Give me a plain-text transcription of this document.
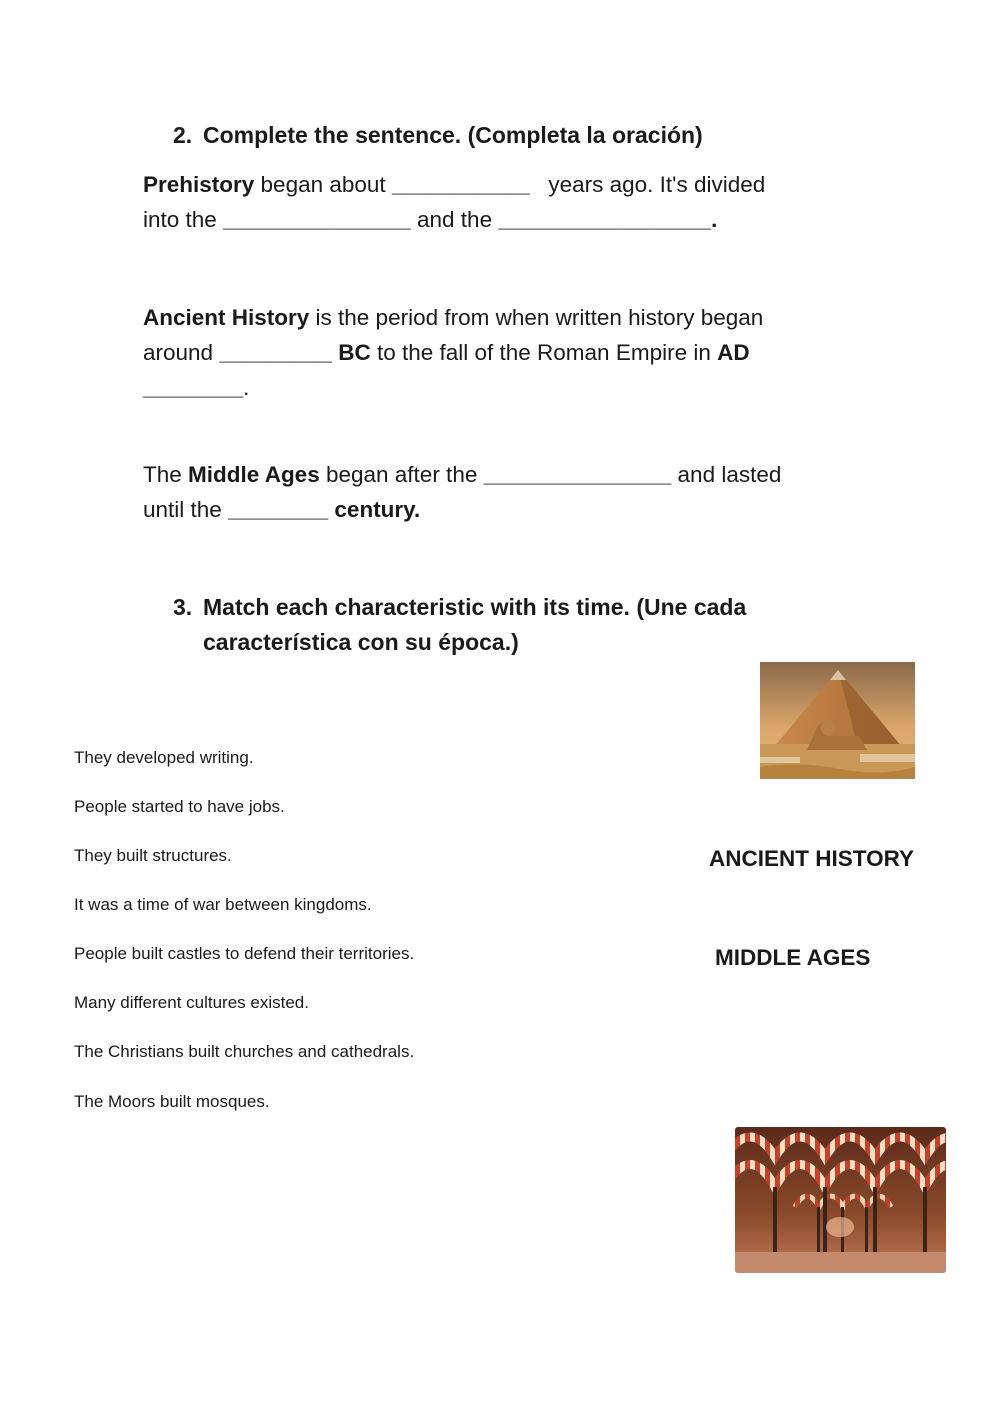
2. Complete the sentence. (Completa la oración)
Prehistory began about ___________   years ago. It's divided
into the _______________ and the _________________.
Ancient History is the period from when written history began
around _________ BC to the fall of the Roman Empire in AD
________.
The Middle Ages began after the _______________ and lasted
until the ________ century.
3. Match each characteristic with its time. (Une cada
característica con su época.)
They developed writing.
People started to have jobs.
They built structures.
It was a time of war between kingdoms.
People built castles to defend their territories.
Many different cultures existed.
The Christians built churches and cathedrals.
The Moors built mosques.
ANCIENT HISTORY
MIDDLE AGES
